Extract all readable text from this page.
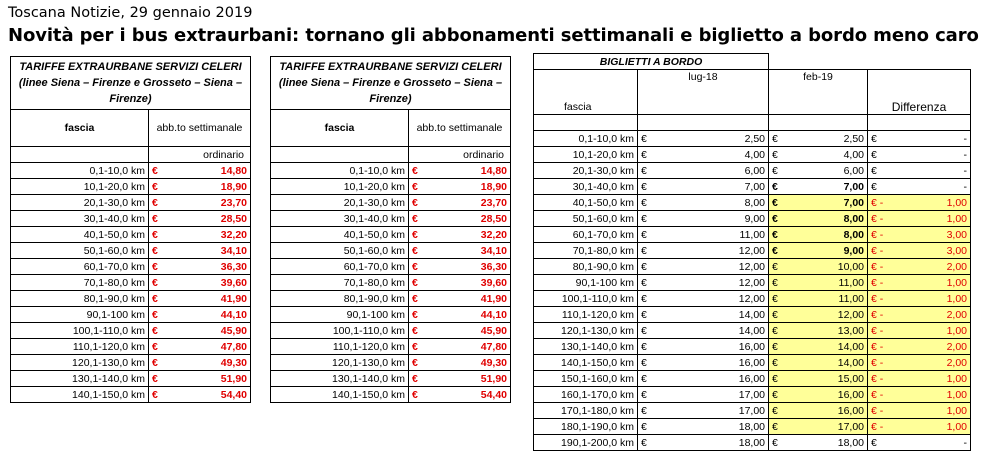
Toscana Notizie, 29 gennaio 2019
Novità per i bus extraurbani: tornano gli abbonamenti settimanali e biglietto a bordo meno caro
TARIFFE EXTRAURBANE SERVIZI CELERI (linee Siena – Firenze e Grosseto – Siena – Firenze)		
fascia	abb.to settimanale	

	ordinario	
0,1-10,0 km	€	14,80
10,1-20,0 km	€	18,90
20,1-30,0 km	€	23,70
30,1-40,0 km	€	28,50
40,1-50,0 km	€	32,20
50,1-60,0 km	€	34,10
60,1-70,0 km	€	36,30
70,1-80,0 km	€	39,60
80,1-90,0 km	€	41,90
90,1-100 km	€	44,10
100,1-110,0 km	€	45,90
110,1-120,0 km	€	47,80
120,1-130,0 km	€	49,30
130,1-140,0 km	€	51,90
140,1-150,0 km	€	54,40
TARIFFE EXTRAURBANE SERVIZI CELERI (linee Siena – Firenze e Grosseto – Siena – Firenze)		
fascia	abb.to settimanale	

	ordinario	
0,1-10,0 km	€	14,80
10,1-20,0 km	€	18,90
20,1-30,0 km	€	23,70
30,1-40,0 km	€	28,50
40,1-50,0 km	€	32,20
50,1-60,0 km	€	34,10
60,1-70,0 km	€	36,30
70,1-80,0 km	€	39,60
80,1-90,0 km	€	41,90
90,1-100 km	€	44,10
100,1-110,0 km	€	45,90
110,1-120,0 km	€	47,80
120,1-130,0 km	€	49,30
130,1-140,0 km	€	51,90
140,1-150,0 km	€	54,40
BIGLIETTI A BORDO						
fascia	lug-18		feb-19		Differenza	

0,1-10,0 km	€	2,50	€	2,50	€	-
10,1-20,0 km	€	4,00	€	4,00	€	-
20,1-30,0 km	€	6,00	€	6,00	€	-
30,1-40,0 km	€	7,00	€	7,00	€	-
40,1-50,0 km	€	8,00	€	7,00	€ -	1,00
50,1-60,0 km	€	9,00	€	8,00	€ -	1,00
60,1-70,0 km	€	11,00	€	8,00	€ -	3,00
70,1-80,0 km	€	12,00	€	9,00	€ -	3,00
80,1-90,0 km	€	12,00	€	10,00	€ -	2,00
90,1-100 km	€	12,00	€	11,00	€ -	1,00
100,1-110,0 km	€	12,00	€	11,00	€ -	1,00
110,1-120,0 km	€	14,00	€	12,00	€ -	2,00
120,1-130,0 km	€	14,00	€	13,00	€ -	1,00
130,1-140,0 km	€	16,00	€	14,00	€ -	2,00
140,1-150,0 km	€	16,00	€	14,00	€ -	2,00
150,1-160,0 km	€	16,00	€	15,00	€ -	1,00
160,1-170,0 km	€	17,00	€	16,00	€ -	1,00
170,1-180,0 km	€	17,00	€	16,00	€ -	1,00
180,1-190,0 km	€	18,00	€	17,00	€ -	1,00
190,1-200,0 km	€	18,00	€	18,00	€	-
